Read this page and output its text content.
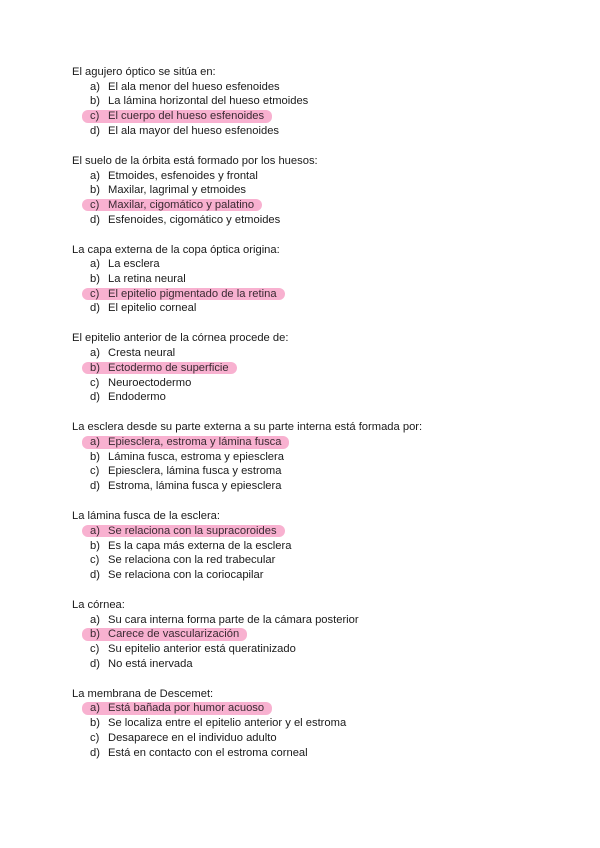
El agujero óptico se sitúa en:
a) El ala menor del hueso esfenoides
b) La lámina horizontal del hueso etmoides
c) El cuerpo del hueso esfenoides
d) El ala mayor del hueso esfenoides
El suelo de la órbita está formado por los huesos:
a) Etmoides, esfenoides y frontal
b) Maxilar, lagrimal y etmoides
c) Maxilar, cigomático y palatino
d) Esfenoides, cigomático y etmoides
La capa externa de la copa óptica origina:
a) La esclera
b) La retina neural
c) El epitelio pigmentado de la retina
d) El epitelio corneal
El epitelio anterior de la córnea procede de:
a) Cresta neural
b) Ectodermo de superficie
c) Neuroectodermo
d) Endodermo
La esclera desde su parte externa a su parte interna está formada por:
a) Epiesclera, estroma y lámina fusca
b) Lámina fusca, estroma y epiesclera
c) Epiesclera, lámina fusca y estroma
d) Estroma, lámina fusca y epiesclera
La lámina fusca de la esclera:
a) Se relaciona con la supracoroides
b) Es la capa más externa de la esclera
c) Se relaciona con la red trabecular
d) Se relaciona con la coriocapilar
La córnea:
a) Su cara interna forma parte de la cámara posterior
b) Carece de vascularización
c) Su epitelio anterior está queratinizado
d) No está inervada
La membrana de Descemet:
a) Está bañada por humor acuoso
b) Se localiza entre el epitelio anterior y el estroma
c) Desaparece en el individuo adulto
d) Está en contacto con el estroma corneal
